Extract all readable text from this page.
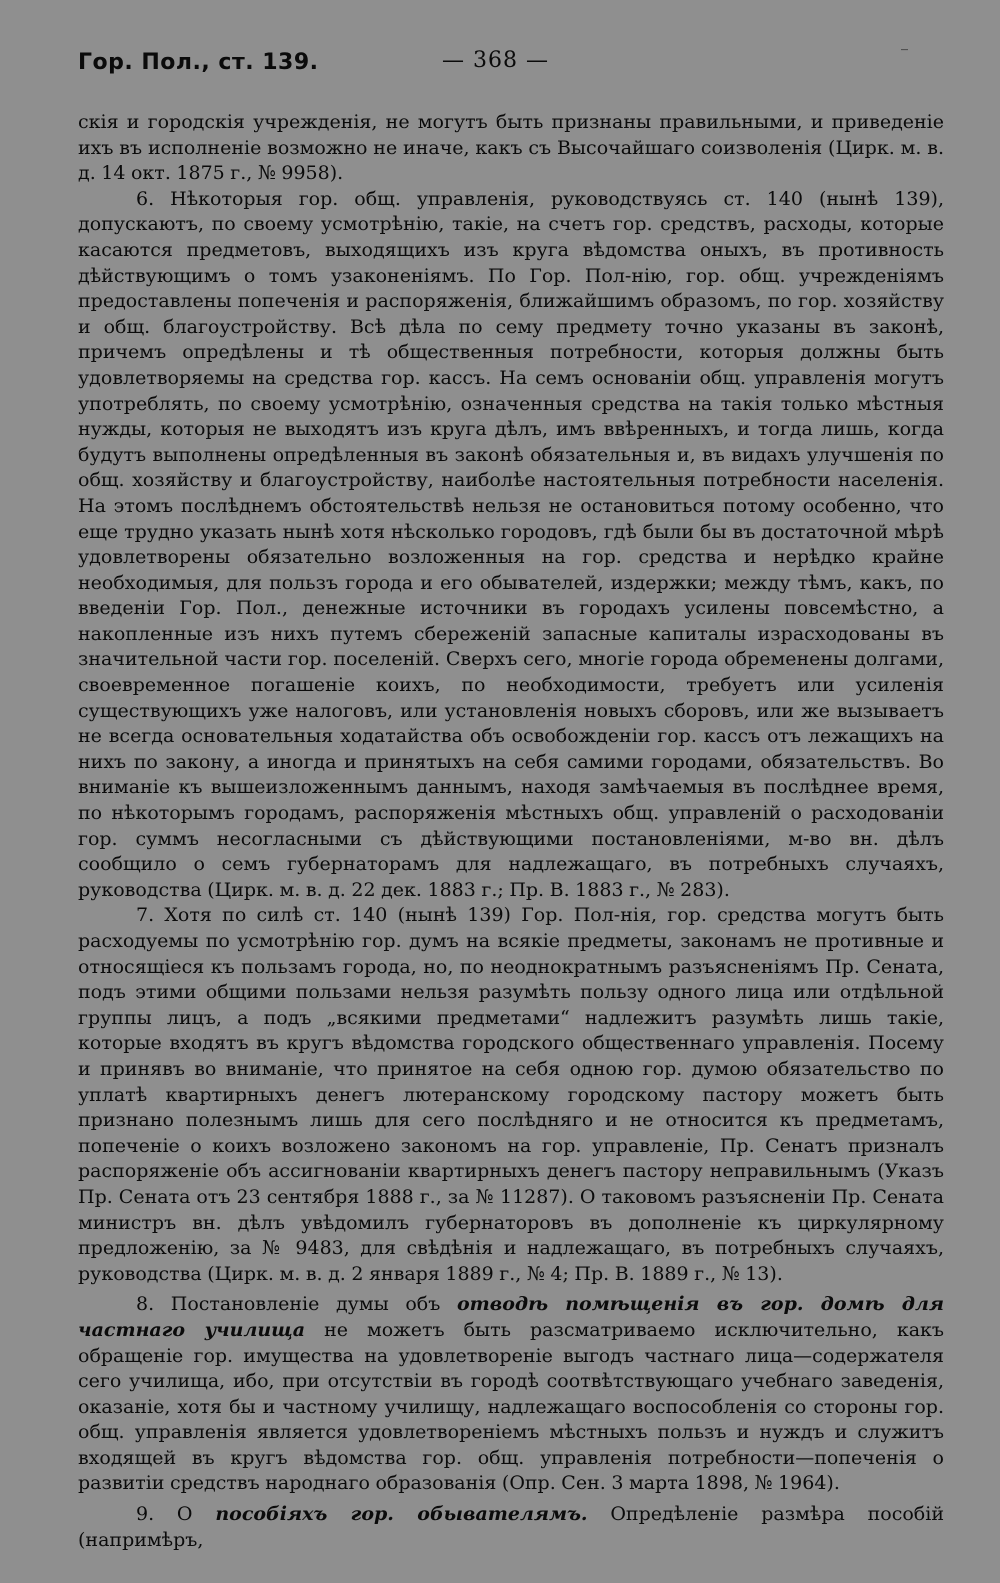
Гор. Пол., ст. 139.	— 368 —	‾

скія и городскія учрежденія, не могутъ быть признаны правильными, и приведеніе ихъ въ исполненіе возможно не иначе, какъ съ Высочайшаго соизволенія (Цирк. м. в. д. 14 окт. 1875 г., № 9958).

6. Нѣкоторыя гор. общ. управленія, руководствуясь ст. 140 (нынѣ 139), допускаютъ, по своему усмотрѣнію, такіе, на счетъ гор. средствъ, расходы, которые касаются предметовъ, выходящихъ изъ круга вѣдомства оныхъ, въ противность дѣйствующимъ о томъ узаконеніямъ. По Гор. Пол-нію, гор. общ. учрежденіямъ предоставлены попеченія и распоряженія, ближайшимъ образомъ, по гор. хозяйству и общ. благоустройству. Всѣ дѣла по сему предмету точно указаны въ законѣ, причемъ опредѣлены и тѣ общественныя потребности, которыя должны быть удовлетворяемы на средства гор. кассъ. На семъ основаніи общ. управленія могутъ употреблять, по своему усмотрѣнію, означенныя средства на такія только мѣстныя нужды, которыя не выходятъ изъ круга дѣлъ, имъ ввѣренныхъ, и тогда лишь, когда будутъ выполнены опредѣленныя въ законѣ обязательныя и, въ видахъ улучшенія по общ. хозяйству и благоустройству, наиболѣе настоятельныя потребности населенія. На этомъ послѣднемъ обстоятельствѣ нельзя не остановиться потому особенно, что еще трудно указать нынѣ хотя нѣсколько городовъ, гдѣ были бы въ достаточной мѣрѣ удовлетворены обязательно возложенныя на гор. средства и нерѣдко крайне необходимыя, для пользъ города и его обывателей, издержки; между тѣмъ, какъ, по введеніи Гор. Пол., денежные источники въ городахъ усилены повсемѣстно, а накопленные изъ нихъ путемъ сбереженій запасные капиталы израсходованы въ значительной части гор. поселеній. Сверхъ сего, многіе города обременены долгами, своевременное погашеніе коихъ, по необходимости, требуетъ или усиленія существующихъ уже налоговъ, или установленія новыхъ сборовъ, или же вызываетъ не всегда основательныя ходатайства объ освобожденіи гор. кассъ отъ лежащихъ на нихъ по закону, а иногда и принятыхъ на себя самими городами, обязательствъ. Во вниманіе къ вышеизложеннымъ даннымъ, находя замѣчаемыя въ послѣднее время, по нѣкоторымъ городамъ, распоряженія мѣстныхъ общ. управленій о расходованіи гор. суммъ несогласными съ дѣйствующими постановленіями, м-во вн. дѣлъ сообщило о семъ губернаторамъ для надлежащаго, въ потребныхъ случаяхъ, руководства (Цирк. м. в. д. 22 дек. 1883 г.; Пр. В. 1883 г., № 283).

7. Хотя по силѣ ст. 140 (нынѣ 139) Гор. Пол-нія, гор. средства могутъ быть расходуемы по усмотрѣнію гор. думъ на всякіе предметы, законамъ не противные и относящіеся къ пользамъ города, но, по неоднократнымъ разъясненіямъ Пр. Сената, подъ этими общими пользами нельзя разумѣть пользу одного лица или отдѣльной группы лицъ, а подъ „всякими предметами“ надлежитъ разумѣть лишь такіе, которые входятъ въ кругъ вѣдомства городского общественнаго управленія. Посему и принявъ во вниманіе, что принятое на себя одною гор. думою обязательство по уплатѣ квартирныхъ денегъ лютеранскому городскому пастору можетъ быть признано полезнымъ лишь для сего послѣдняго и не относится къ предметамъ, попеченіе о коихъ возложено закономъ на гор. управленіе, Пр. Сенатъ призналъ распоряженіе объ ассигнованіи квартирныхъ денегъ пастору неправильнымъ (Указъ Пр. Сената отъ 23 сентября 1888 г., за № 11287). О таковомъ разъясненіи Пр. Сената министръ вн. дѣлъ увѣдомилъ губернаторовъ въ дополненіе къ циркулярному предложенію, за № 9483, для свѣдѣнія и надлежащаго, въ потребныхъ случаяхъ, руководства (Цирк. м. в. д. 2 января 1889 г., № 4; Пр. В. 1889 г., № 13).

8. Постановленіе думы объ отводѣ помѣщенія въ гор. домѣ для частнаго училища не можетъ быть разсматриваемо исключительно, какъ обращеніе гор. имущества на удовлетвореніе выгодъ частнаго лица—содержателя сего училища, ибо, при отсутствіи въ городѣ соотвѣтствующаго учебнаго заведенія, оказаніе, хотя бы и частному училищу, надлежащаго воспособленія со стороны гор. общ. управленія является удовлетвореніемъ мѣстныхъ пользъ и нуждъ и служитъ входящей въ кругъ вѣдомства гор. общ. управленія потребности—попеченія о развитіи средствъ народнаго образованія (Опр. Сен. 3 марта 1898, № 1964).

9. О пособіяхъ гор. обывателямъ. Опредѣленіе размѣра пособій (напримѣръ,
